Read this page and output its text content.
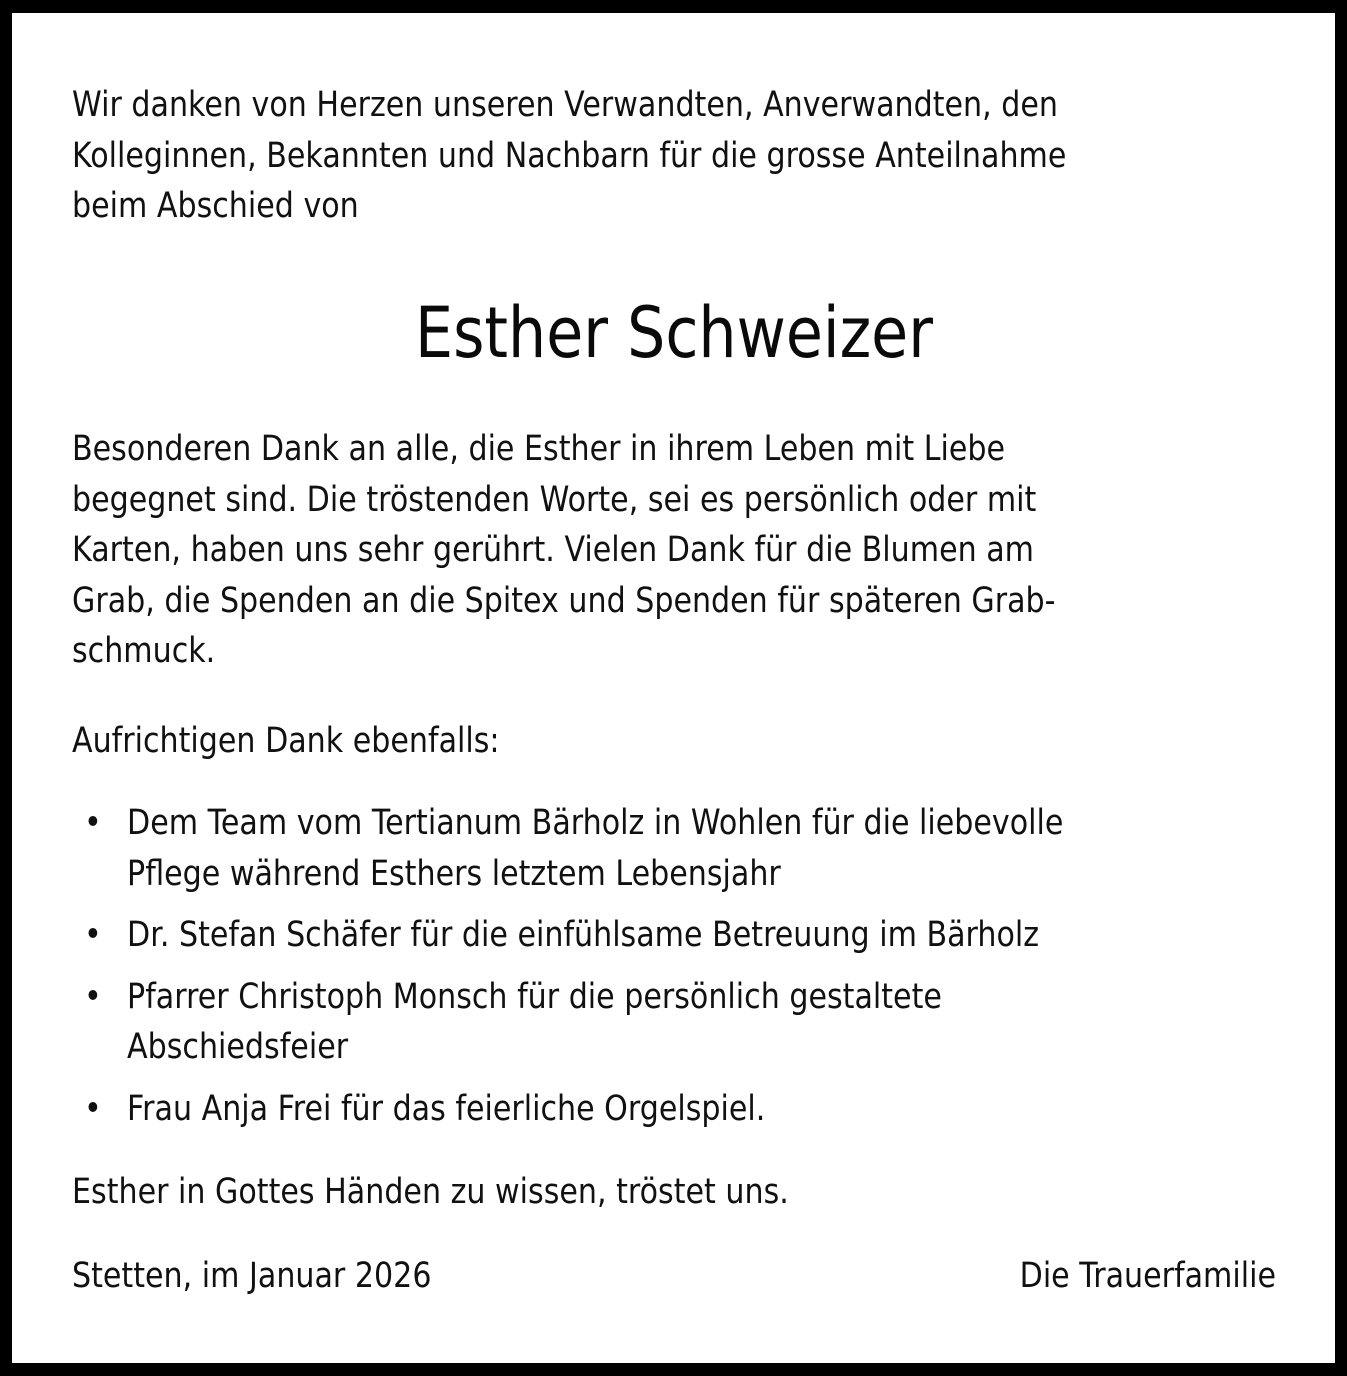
Wir danken von Herzen unseren Verwandten, Anverwandten, den
Kolleginnen, Bekannten und Nachbarn für die grosse Anteilnahme
beim Abschied von
Esther Schweizer
Besonderen Dank an alle, die Esther in ihrem Leben mit Liebe
begegnet sind. Die tröstenden Worte, sei es persönlich oder mit
Karten, haben uns sehr gerührt. Vielen Dank für die Blumen am
Grab, die Spenden an die Spitex und Spenden für späteren Grab-
schmuck.
Aufrichtigen Dank ebenfalls:
• Dem Team vom Tertianum Bärholz in Wohlen für die liebevolle
Pflege während Esthers letztem Lebensjahr
• Dr. Stefan Schäfer für die einfühlsame Betreuung im Bärholz
• Pfarrer Christoph Monsch für die persönlich gestaltete
Abschiedsfeier
• Frau Anja Frei für das feierliche Orgelspiel.
Esther in Gottes Händen zu wissen, tröstet uns.
Stetten, im Januar 2026	Die Trauerfamilie
